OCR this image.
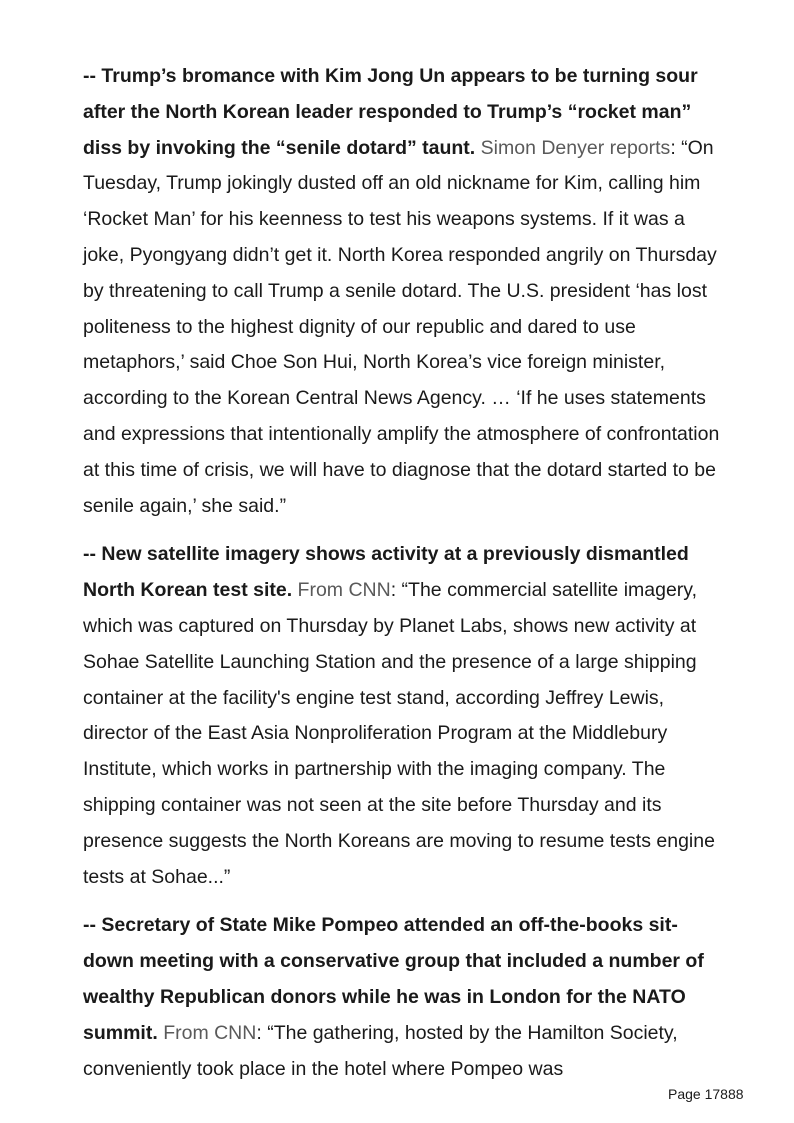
-- Trump’s bromance with Kim Jong Un appears to be turning sour after the North Korean leader responded to Trump’s “rocket man” diss by invoking the “senile dotard” taunt. Simon Denyer reports: “On Tuesday, Trump jokingly dusted off an old nickname for Kim, calling him ‘Rocket Man’ for his keenness to test his weapons systems. If it was a joke, Pyongyang didn’t get it. North Korea responded angrily on Thursday by threatening to call Trump a senile dotard. The U.S. president ‘has lost politeness to the highest dignity of our republic and dared to use metaphors,’ said Choe Son Hui, North Korea’s vice foreign minister, according to the Korean Central News Agency. … ‘If he uses statements and expressions that intentionally amplify the atmosphere of confrontation at this time of crisis, we will have to diagnose that the dotard started to be senile again,’ she said.”

-- New satellite imagery shows activity at a previously dismantled North Korean test site. From CNN: “The commercial satellite imagery, which was captured on Thursday by Planet Labs, shows new activity at Sohae Satellite Launching Station and the presence of a large shipping container at the facility's engine test stand, according Jeffrey Lewis, director of the East Asia Nonproliferation Program at the Middlebury Institute, which works in partnership with the imaging company. The shipping container was not seen at the site before Thursday and its presence suggests the North Koreans are moving to resume tests engine tests at Sohae...”

-- Secretary of State Mike Pompeo attended an off-the-books sit-down meeting with a conservative group that included a number of wealthy Republican donors while he was in London for the NATO summit. From CNN: “The gathering, hosted by the Hamilton Society, conveniently took place in the hotel where Pompeo was

Page 17888
